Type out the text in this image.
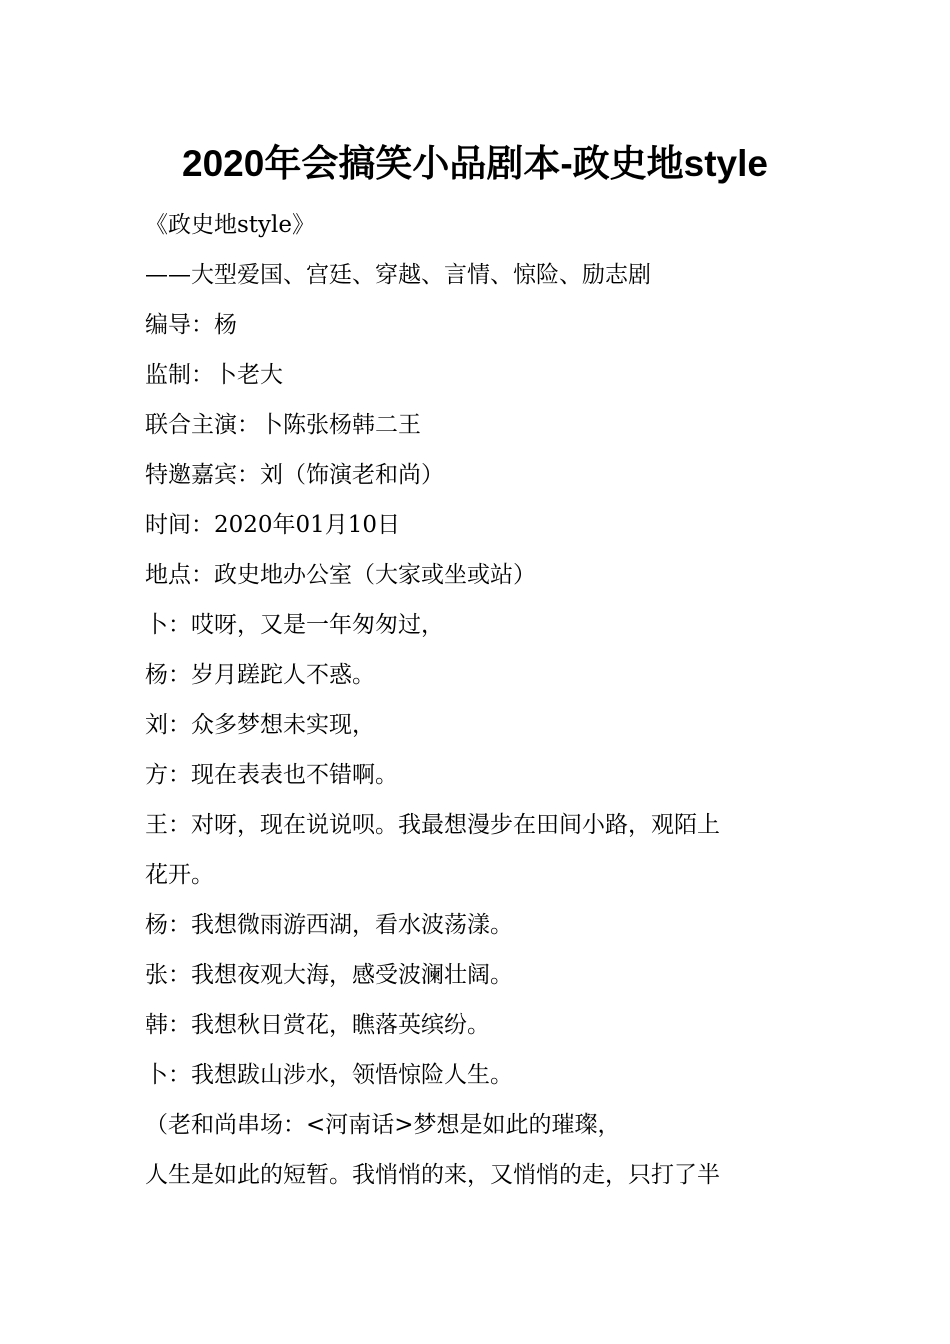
2020年会搞笑小品剧本-政史地style

《政史地style》

——大型爱国、宫廷、穿越、言情、惊险、励志剧

编导：杨

监制：卜老大

联合主演：卜陈张杨韩二王

特邀嘉宾：刘（饰演老和尚）

时间：2020年01月10日

地点：政史地办公室（大家或坐或站）

卜：哎呀，又是一年匆匆过，

杨：岁月蹉跎人不惑。

刘：众多梦想未实现，

方：现在表表也不错啊。

王：对呀，现在说说呗。我最想漫步在田间小路，观陌上

花开。

杨：我想微雨游西湖，看水波荡漾。

张：我想夜观大海，感受波澜壮阔。

韩：我想秋日赏花，瞧落英缤纷。

卜：我想跋山涉水，领悟惊险人生。

（老和尚串场：<河南话>梦想是如此的璀璨，

人生是如此的短暂。我悄悄的来，又悄悄的走，只打了半
